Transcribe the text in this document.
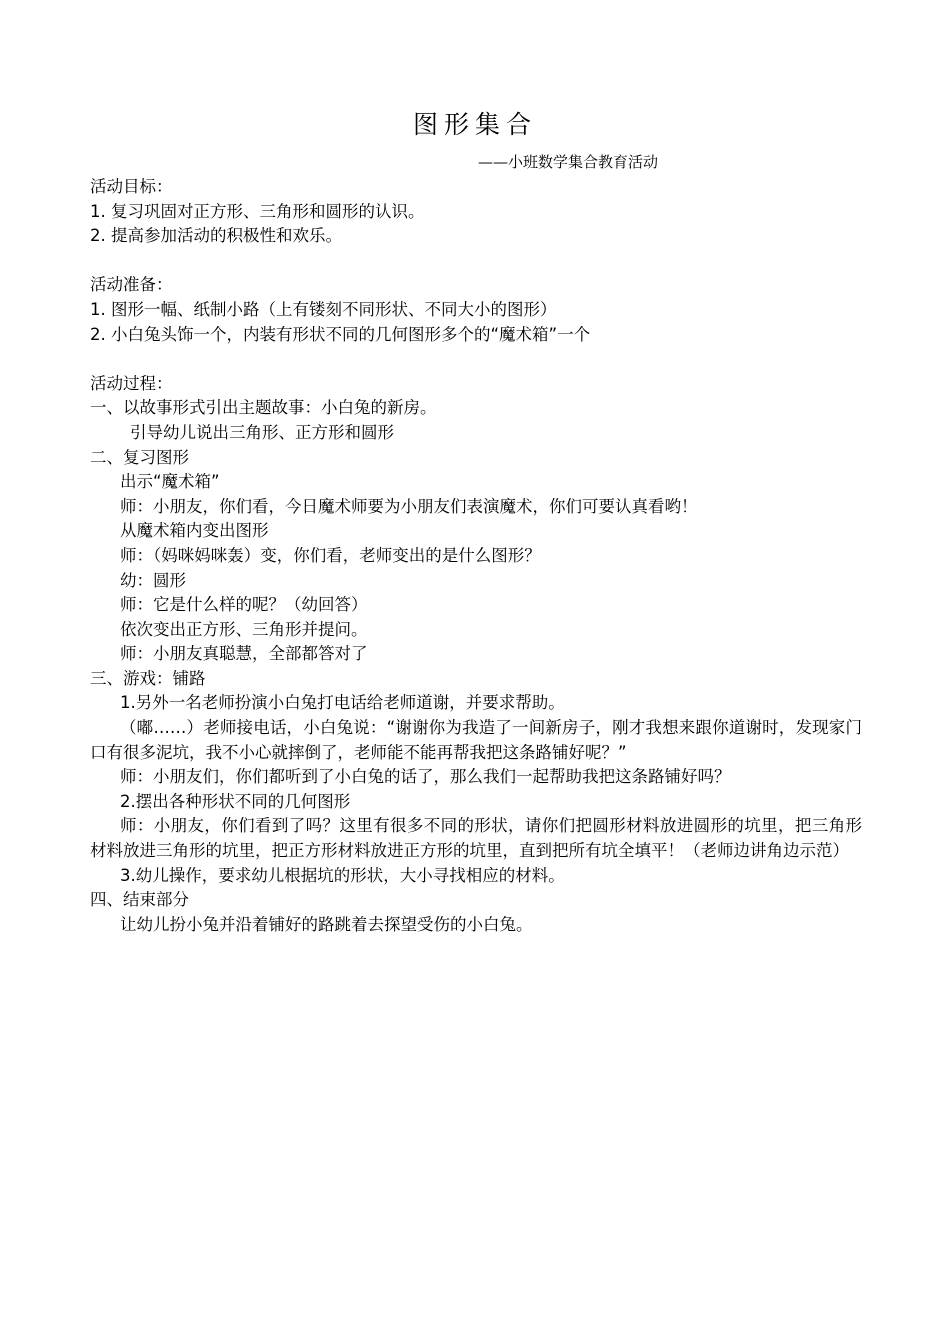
图形集合
——小班数学集合教育活动
活动目标：
1. 复习巩固对正方形、三角形和圆形的认识。
2. 提高参加活动的积极性和欢乐。
活动准备：
1. 图形一幅、纸制小路（上有镂刻不同形状、不同大小的图形）
2. 小白兔头饰一个，内装有形状不同的几何图形多个的“魔术箱”一个
活动过程：
一、以故事形式引出主题故事：小白兔的新房。
引导幼儿说出三角形、正方形和圆形
二、复习图形
出示“魔术箱”
师：小朋友，你们看，今日魔术师要为小朋友们表演魔术，你们可要认真看哟！
从魔术箱内变出图形
师：（妈咪妈咪轰）变，你们看，老师变出的是什么图形？
幼：圆形
师：它是什么样的呢？（幼回答）
依次变出正方形、三角形并提问。
师：小朋友真聪慧，全部都答对了
三、游戏：铺路
1.另外一名老师扮演小白兔打电话给老师道谢，并要求帮助。
（嘟……）老师接电话，小白兔说：“谢谢你为我造了一间新房子，刚才我想来跟你道谢时，发现家门口有很多泥坑，我不小心就摔倒了，老师能不能再帮我把这条路铺好呢？”
师：小朋友们，你们都听到了小白兔的话了，那么我们一起帮助我把这条路铺好吗？
2.摆出各种形状不同的几何图形
师：小朋友，你们看到了吗？这里有很多不同的形状，请你们把圆形材料放进圆形的坑里，把三角形材料放进三角形的坑里，把正方形材料放进正方形的坑里，直到把所有坑全填平！（老师边讲角边示范）
3.幼儿操作，要求幼儿根据坑的形状，大小寻找相应的材料。
四、结束部分
让幼儿扮小兔并沿着铺好的路跳着去探望受伤的小白兔。
